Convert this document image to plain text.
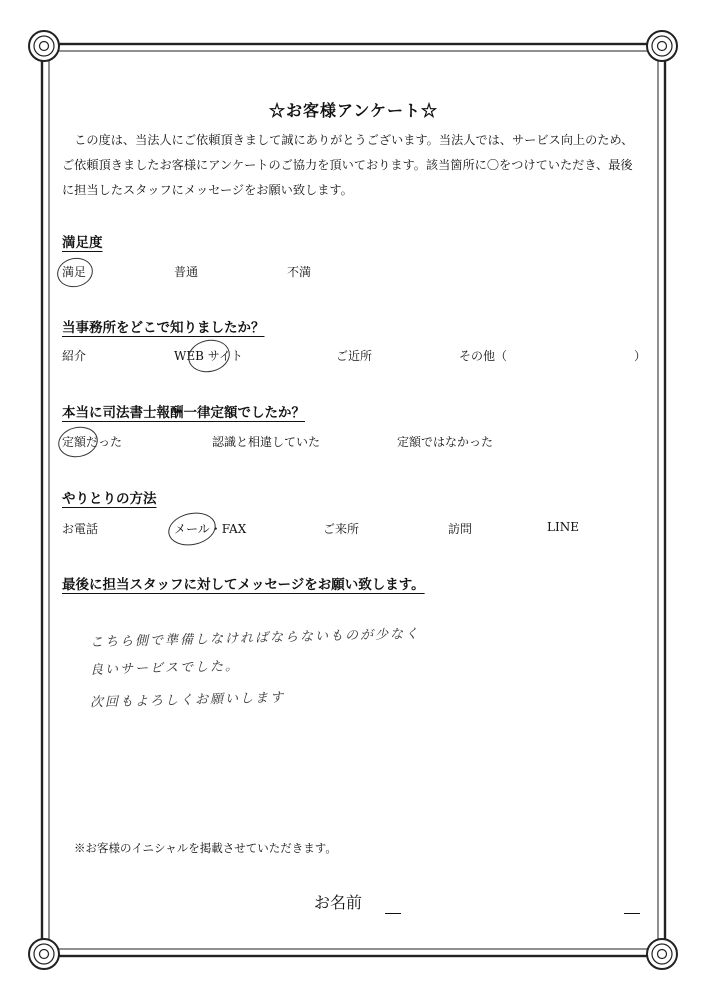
☆お客様アンケート☆

この度は、当法人にご依頼頂きまして誠にありがとうございます。当法人では、サービス向上のため、ご依頼頂きましたお客様にアンケートのご協力を頂いております。該当箇所に〇をつけていただき、最後に担当したスタッフにメッセージをお願い致します。

満足度
満足	普通	不満
当事務所をどこで知りましたか？
紹介	WEB サイト	ご近所	その他（	）
本当に司法書士報酬一律定額でしたか？
定額だった	認識と相違していた	定額ではなかった
やりとりの方法
お電話	メール・FAX	ご来所	訪問	LINE
最後に担当スタッフに対してメッセージをお願い致します。
こちら側で準備しなければならないものが少なく
良いサービスでした。
次回もよろしくお願いします
※お客様のイニシャルを掲載させていただきます。
お名前
